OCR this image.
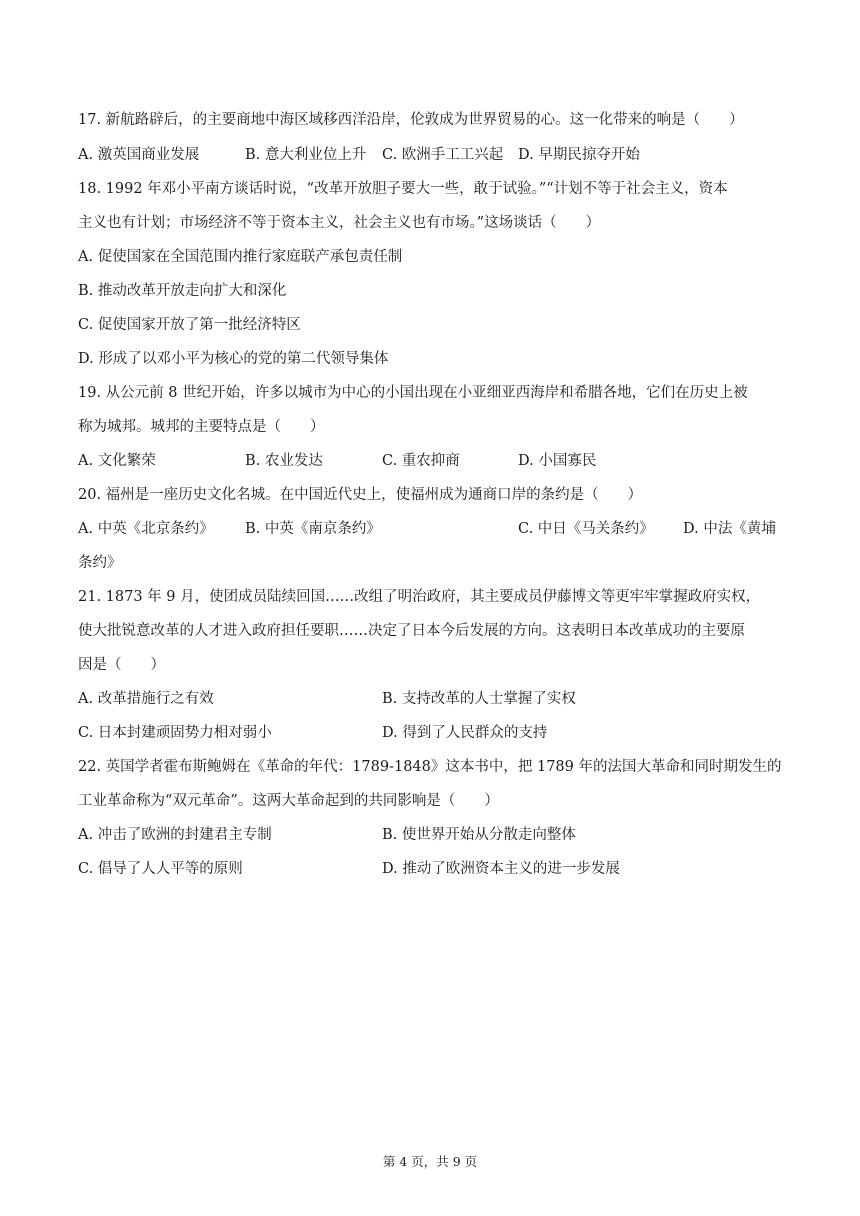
17. 新航路辟后，的主要商地中海区域移西洋沿岸，伦敦成为世界贸易的心。这一化带来的响是（　　）
A. 激英国商业发展	B. 意大利业位上升 C. 欧洲手工工兴起 D. 早期民掠夺开始
18. 1992 年邓小平南方谈话时说，“改革开放胆子要大一些，敢于试验。”“计划不等于社会主义，资本
主义也有计划；市场经济不等于资本主义，社会主义也有市场。”这场谈话（　　）
A. 促使国家在全国范围内推行家庭联产承包责任制
B. 推动改革开放走向扩大和深化
C. 促使国家开放了第一批经济特区
D. 形成了以邓小平为核心的党的第二代领导集体
19. 从公元前 8 世纪开始，许多以城市为中心的小国出现在小亚细亚西海岸和希腊各地，它们在历史上被
称为城邦。城邦的主要特点是（　　）
A. 文化繁荣	B. 农业发达	C. 重农抑商	D. 小国寡民
20. 福州是一座历史文化名城。在中国近代史上，使福州成为通商口岸的条约是（　　）
A. 中英《北京条约》 B. 中英《南京条约》	C. 中日《马关条约》 D. 中法《黄埔
条约》
21. 1873 年 9 月，使团成员陆续回国……改组了明治政府，其主要成员伊藤博文等更牢牢掌握政府实权，
使大批锐意改革的人才进入政府担任要职……决定了日本今后发展的方向。这表明日本改革成功的主要原
因是（　　）
A. 改革措施行之有效	B. 支持改革的人士掌握了实权
C. 日本封建顽固势力相对弱小	D. 得到了人民群众的支持
22. 英国学者霍布斯鲍姆在《革命的年代：1789-1848》这本书中，把 1789 年的法国大革命和同时期发生的
工业革命称为“双元革命”。这两大革命起到的共同影响是（　　）
A. 冲击了欧洲的封建君主专制	B. 使世界开始从分散走向整体
C. 倡导了人人平等的原则	D. 推动了欧洲资本主义的进一步发展
第 4 页，共 9 页
